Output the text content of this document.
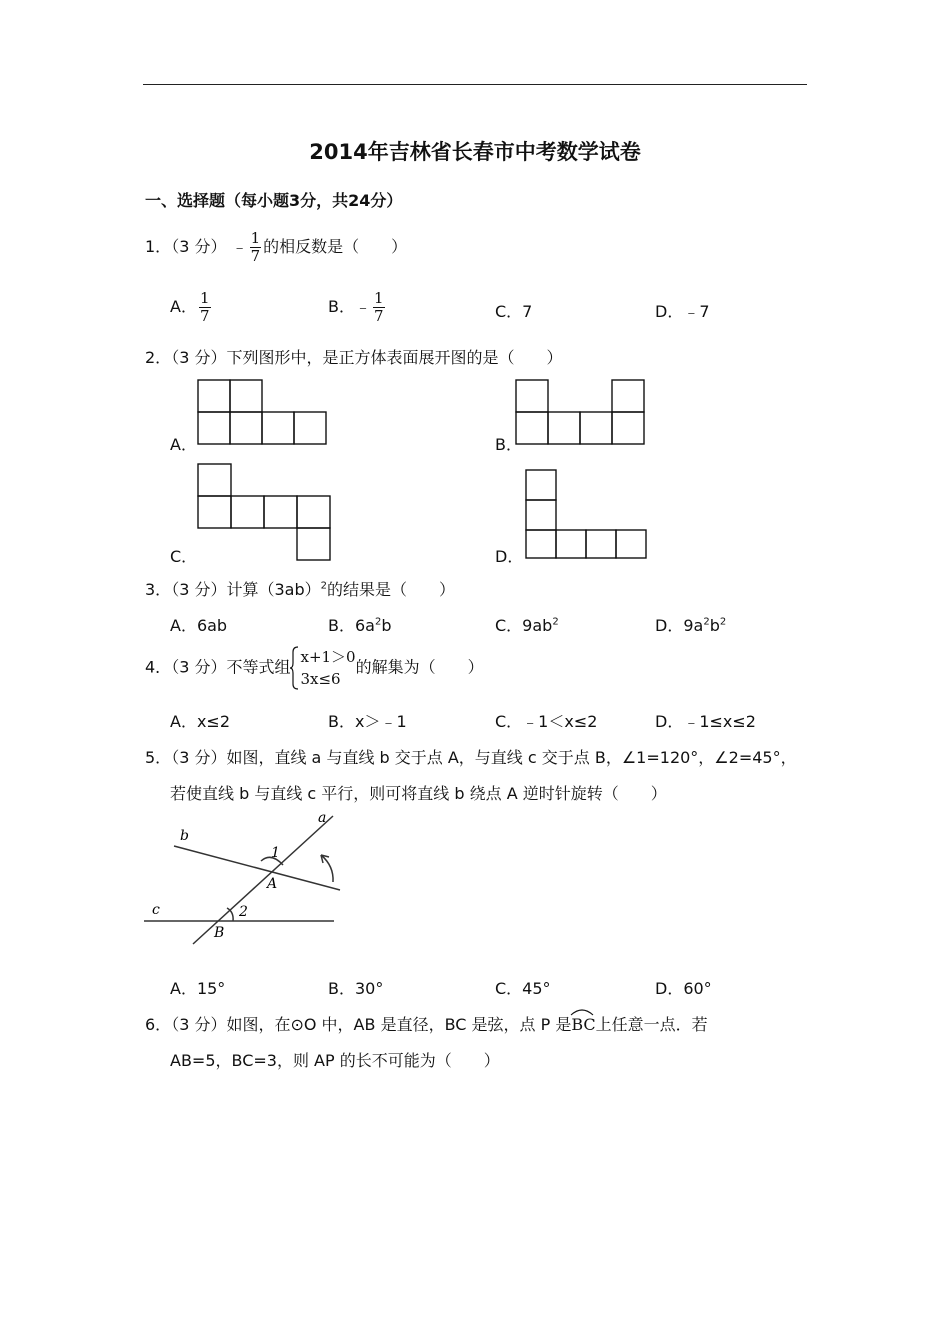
2014年吉林省长春市中考数学试卷
一、选择题（每小题3分，共24分）
1．（3 分） ﹣ $\frac{1}{7}$ 的相反数是（　　）
A． $\frac{1}{7}$	B．﹣ $\frac{1}{7}$	C．7	D．﹣7
2．（3 分）下列图形中，是正方体表面展开图的是（　　）
A．	B．
C．	D．
3．（3 分）计算$(3ab)^2$的结果是（　　）
A．6ab	B．$6a^2b$	C．$9ab^2$	D．$9a^2b^2$
4．（3 分）不等式组
x+1＞0
3x≤6
的解集为（　　）
A．x≤2	B．x＞﹣1	C．﹣1＜x≤2	D．﹣1≤x≤2
5．（3 分）如图，直线 a 与直线 b 交于点 A，与直线 c 交于点 B，∠1=120°，∠2=45°，
若使直线 b 与直线 c 平行，则可将直线 b 绕点 A 逆时针旋转（　　）
a
b
c
1
A
2
B
A．15°	B．30°	C．45°	D．60°
6．（3 分）如图，在⊙O 中，AB 是直径，BC 是弦，点 P 是
BC上任意一点．若
AB=5，BC=3，则 AP 的长不可能为（　　）
